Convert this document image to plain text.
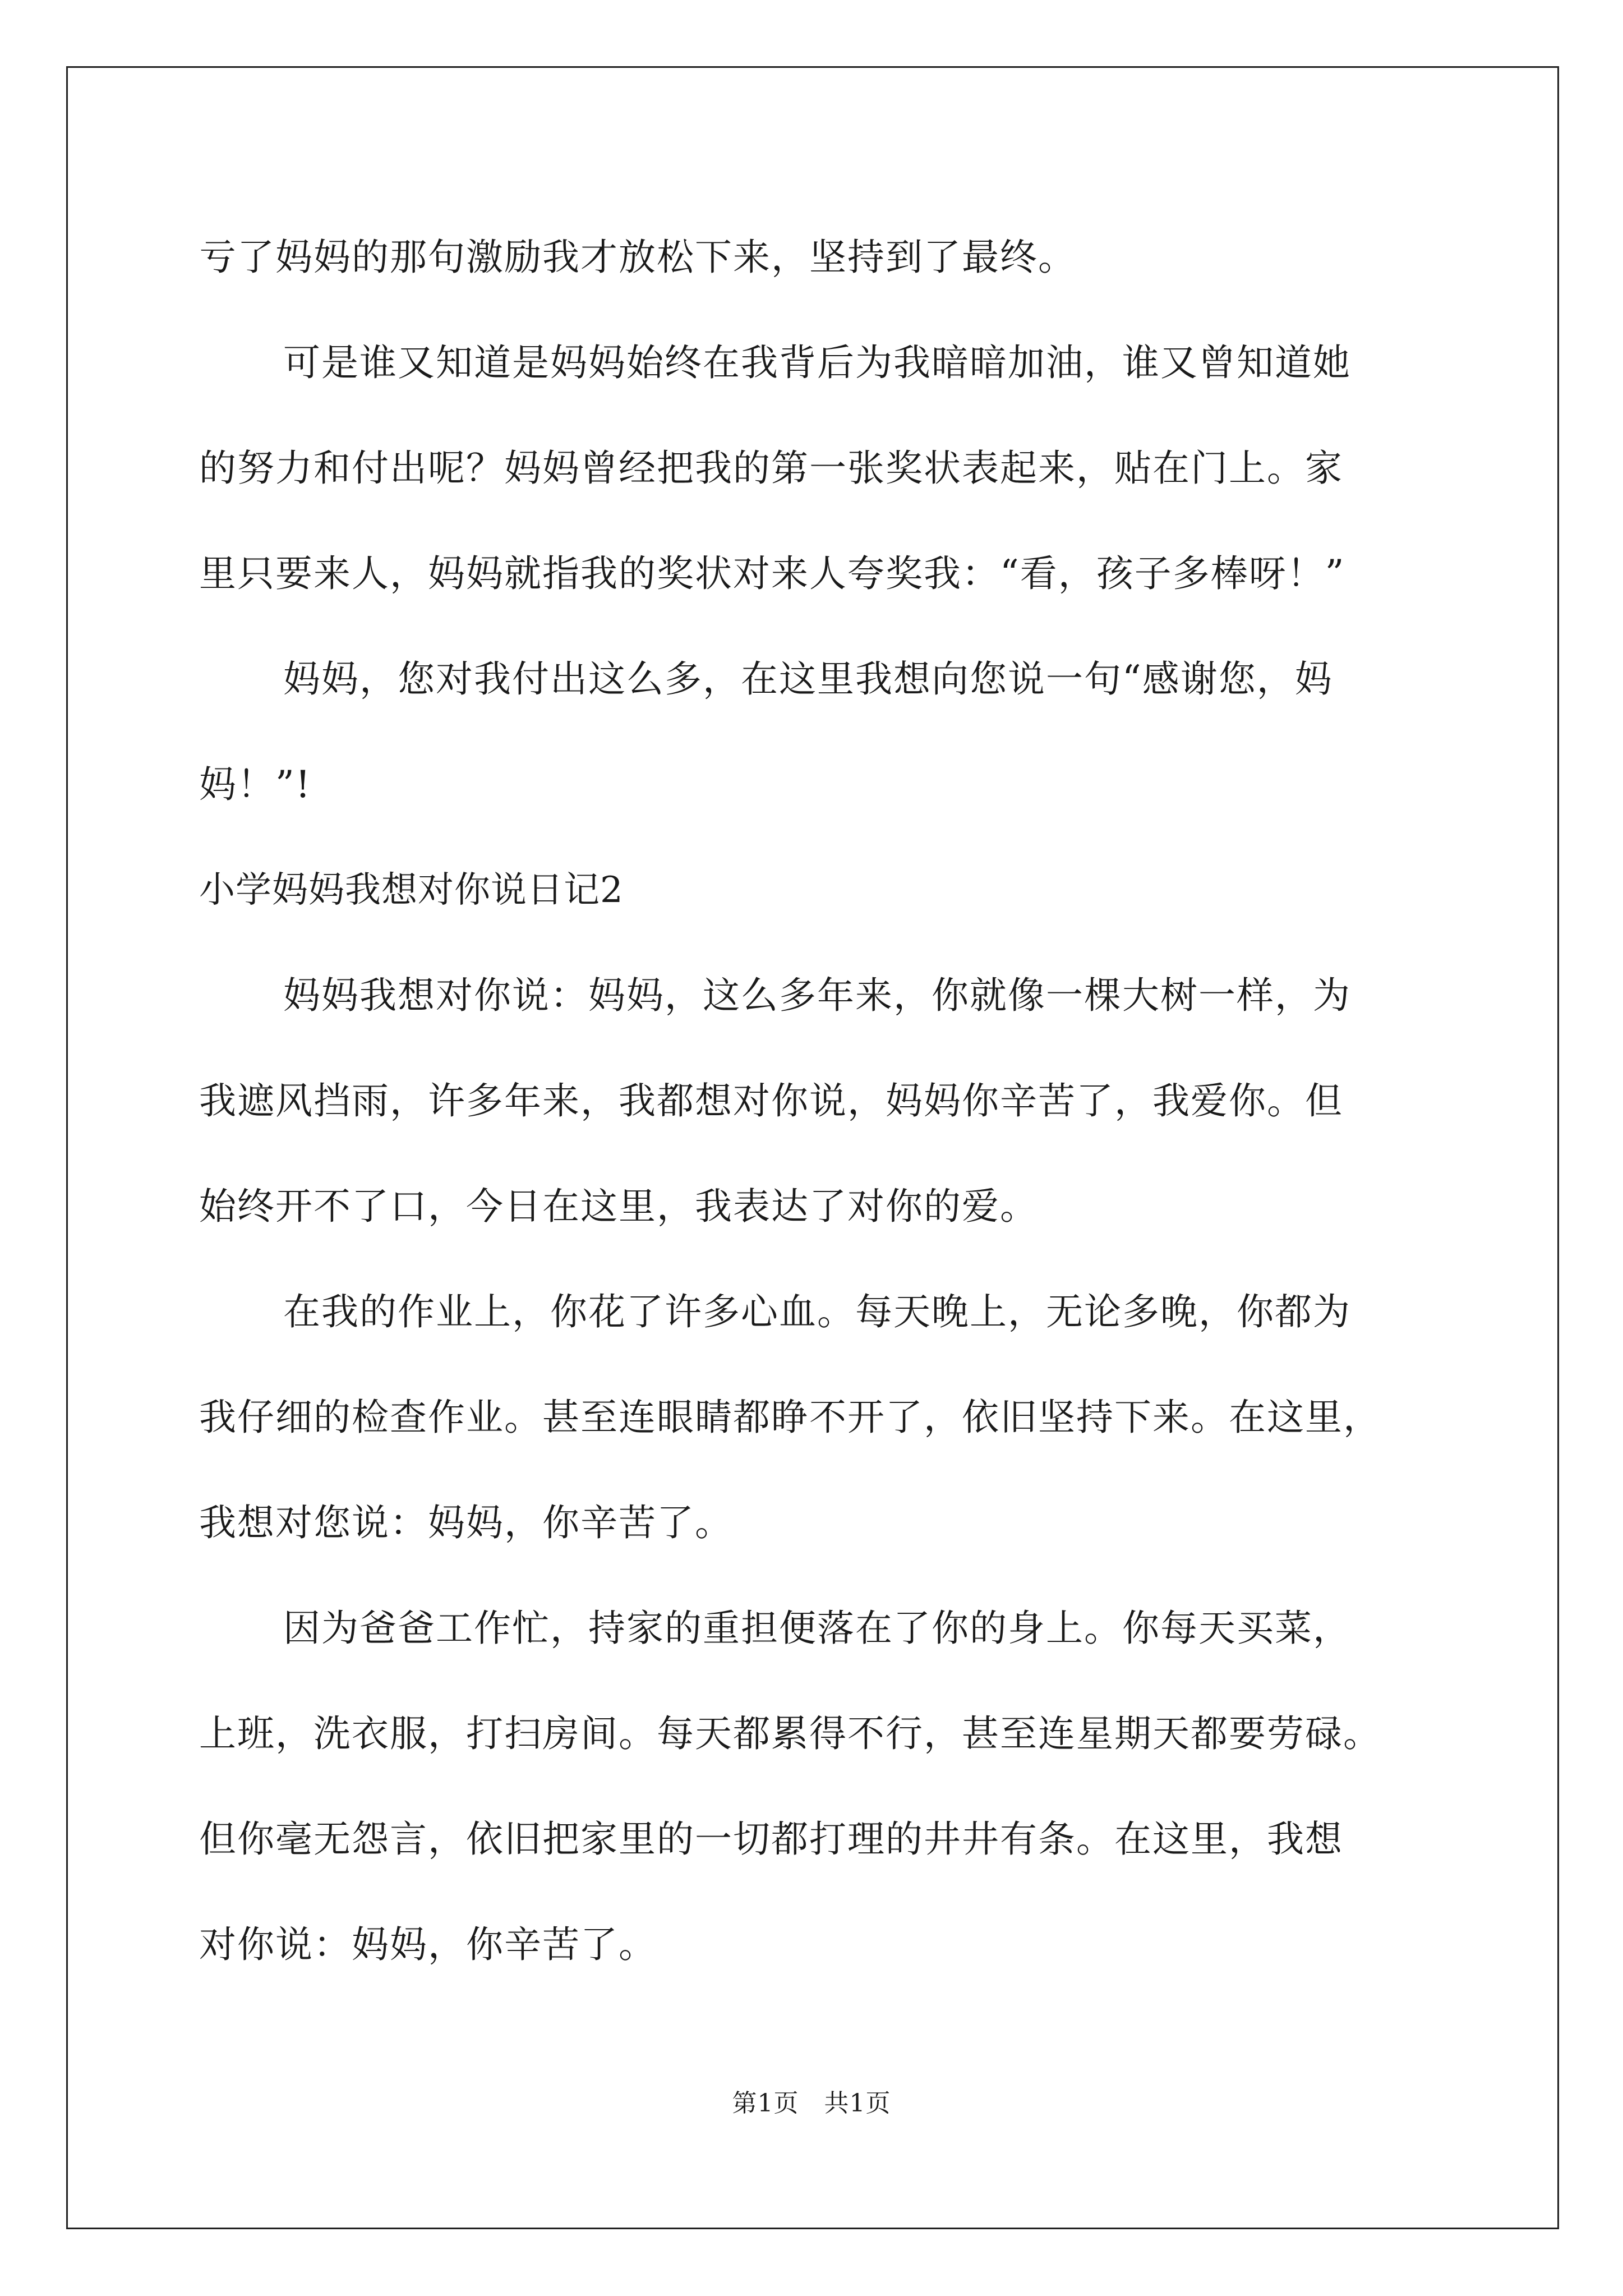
亏了妈妈的那句激励我才放松下来，坚持到了最终。

可是谁又知道是妈妈始终在我背后为我暗暗加油，谁又曾知道她

的努力和付出呢？妈妈曾经把我的第一张奖状表起来，贴在门上。家

里只要来人，妈妈就指我的奖状对来人夸奖我：“看，孩子多棒呀！”

妈妈，您对我付出这么多，在这里我想向您说一句“感谢您，妈

妈！”!

小学妈妈我想对你说日记2

妈妈我想对你说：妈妈，这么多年来，你就像一棵大树一样，为

我遮风挡雨，许多年来，我都想对你说，妈妈你辛苦了，我爱你。但

始终开不了口，今日在这里，我表达了对你的爱。

在我的作业上，你花了许多心血。每天晚上，无论多晚，你都为

我仔细的检查作业。甚至连眼睛都睁不开了，依旧坚持下来。在这里，

我想对您说：妈妈，你辛苦了。

因为爸爸工作忙，持家的重担便落在了你的身上。你每天买菜，

上班，洗衣服，打扫房间。每天都累得不行，甚至连星期天都要劳碌。

但你毫无怨言，依旧把家里的一切都打理的井井有条。在这里，我想

对你说：妈妈，你辛苦了。

第1页　共1页
